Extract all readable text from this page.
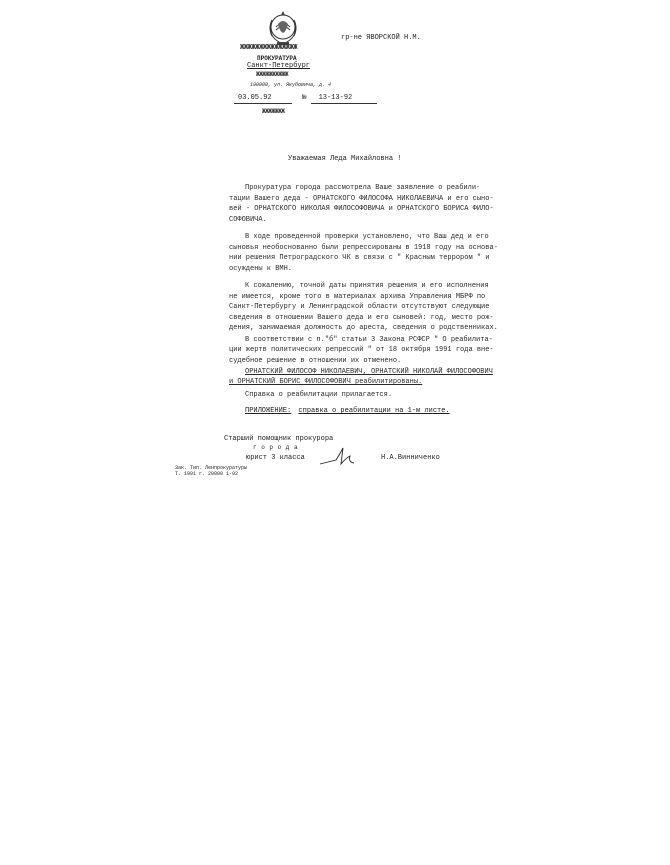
ЖЖЖЖЖЖЖЖЖЖЖЖЖЖЖ
ПРОКУРАТУРА
Санкт-Петербург
ЖЖЖЖЖЖЖЖЖЖ
190000, ул. Якубовича, д. 4
03.05.92	№ 13-13-92
ЖЖЖЖЖЖЖ
гр-не ЯВОРСКОЙ Н.М.
Уважаемая Леда Михайловна !
Прокуратура города рассмотрела Ваше заявление о реабили-
тации Вашего деда - ОРНАТСКОГО ФИЛОСОФА НИКОЛАЕВИЧА и его сыно-
вей - ОРНАТСКОГО НИКОЛАЯ ФИЛОСОФОВИЧА и ОРНАТСКОГО БОРИСА ФИЛО-
СОФОВИЧА.
В ходе проведенной проверки установлено, что Ваш дед и его
сыновья необоснованно были репрессированы в 1918 году на основа-
нии решения Петроградского ЧК в связи с " Красным террором " и
осуждены к ВМН.
К сожалению, точной даты принятия решения и его исполнения
не имеется, кроме того в материалах архива Управления МБРФ по
Санкт-Петербургу и Ленинградской области отсутствуют следующие
сведения в отношении Вашего деда и его сыновей: год, место рож-
дения, занимаемая должность до ареста, сведения о родственниках.
В соответствии с п."б" статьи 3 Закона РСФСР " О реабилита-
ции жертв политических репрессий " от 18 октября 1991 года вне-
судебное решение в отношении их отменено.
ОРНАТСКИЙ ФИЛОСОФ НИКОЛАЕВИЧ, ОРНАТСКИЙ НИКОЛАЙ ФИЛОСОФОВИЧ
и ОРНАТСКИЙ БОРИС ФИЛОСОФОВИЧ реабилитированы.
Справка о реабилитации прилагается.
ПРИЛОЖЕНИЕ: справка о реабилитации на 1-м листе.
Старший помощник прокурора
г о р о д а
юрист 3 класса	Н.А.Винниченко
Зак. Тип. Ленпрокуратуры
Т. 1991 г. 20000 1-92
